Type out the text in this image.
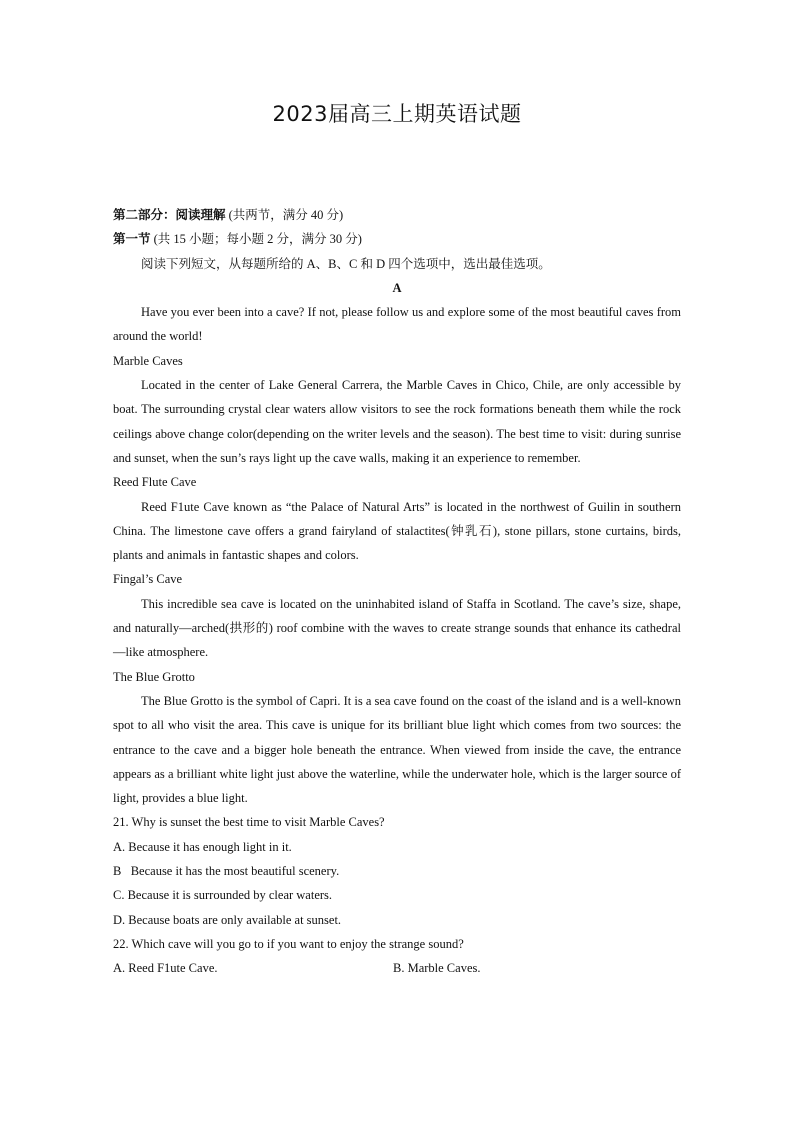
2023届高三上期英语试题
第二部分：阅读理解 (共两节，满分 40 分)
第一节 (共 15 小题；每小题 2 分，满分 30 分)
阅读下列短文，从每题所给的 A、B、C 和 D 四个选项中，选出最佳选项。
A
Have you ever been into a cave? If not, please follow us and explore some of the most beautiful caves from around the world!
Marble Caves
Located in the center of Lake General Carrera, the Marble Caves in Chico, Chile, are only accessible by boat. The surrounding crystal clear waters allow visitors to see the rock formations beneath them while the rock ceilings above change color(depending on the writer levels and the season). The best time to visit: during sunrise and sunset, when the sun’s rays light up the cave walls, making it an experience to remember.
Reed Flute Cave
Reed F1ute Cave known as “the Palace of Natural Arts” is located in the northwest of Guilin in southern China. The limestone cave offers a grand fairyland of stalactites(钟乳石), stone pillars, stone curtains, birds, plants and animals in fantastic shapes and colors.
Fingal’s Cave
This incredible sea cave is located on the uninhabited island of Staffa in Scotland. The cave’s size, shape, and naturally—arched(拱形的) roof combine with the waves to create strange sounds that enhance its cathedral—like atmosphere.
The Blue Grotto
The Blue Grotto is the symbol of Capri. It is a sea cave found on the coast of the island and is a well-known spot to all who visit the area. This cave is unique for its brilliant blue light which comes from two sources: the entrance to the cave and a bigger hole beneath the entrance. When viewed from inside the cave, the entrance appears as a brilliant white light just above the waterline, while the underwater hole, which is the larger source of light, provides a blue light.
21. Why is sunset the best time to visit Marble Caves?
A. Because it has enough light in it.
B   Because it has the most beautiful scenery.
C. Because it is surrounded by clear waters.
D. Because boats are only available at sunset.
22. Which cave will you go to if you want to enjoy the strange sound?
A. Reed F1ute Cave.	B. Marble Caves.
